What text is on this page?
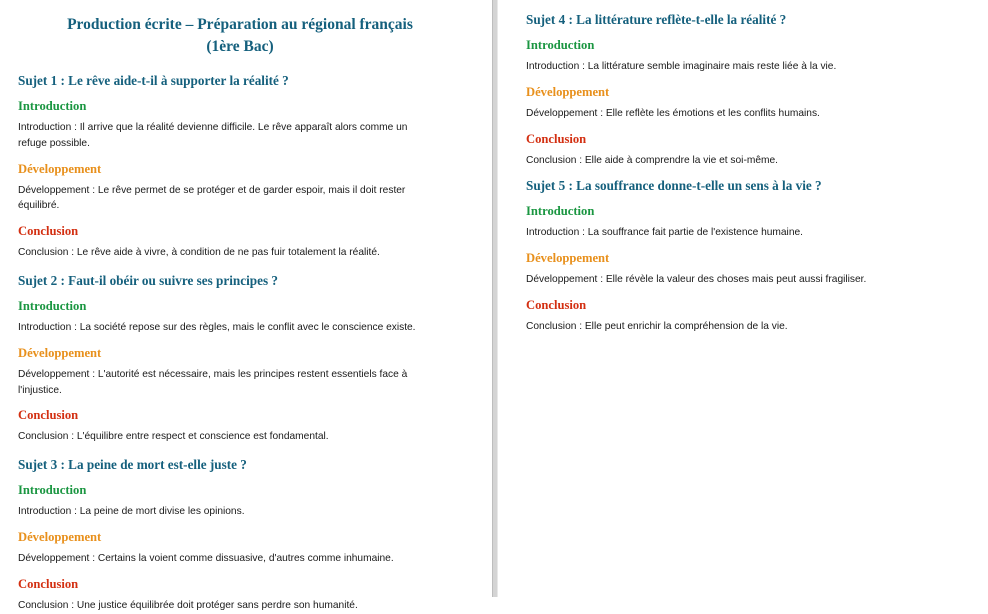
Production écrite – Préparation au régional français
(1ère Bac)
Sujet 1 : Le rêve aide-t-il à supporter la réalité ?
Introduction

Introduction : Il arrive que la réalité devienne difficile. Le rêve apparaît alors comme un refuge possible.

Développement

Développement : Le rêve permet de se protéger et de garder espoir, mais il doit rester équilibré.

Conclusion

Conclusion : Le rêve aide à vivre, à condition de ne pas fuir totalement la réalité.

Sujet 2 : Faut-il obéir ou suivre ses principes ?
Introduction

Introduction : La société repose sur des règles, mais le conflit avec le conscience existe.

Développement

Développement : L'autorité est nécessaire, mais les principes restent essentiels face à l'injustice.

Conclusion

Conclusion : L'équilibre entre respect et conscience est fondamental.

Sujet 3 : La peine de mort est-elle juste ?
Introduction

Introduction : La peine de mort divise les opinions.

Développement

Développement : Certains la voient comme dissuasive, d'autres comme inhumaine.

Conclusion

Conclusion : Une justice équilibrée doit protéger sans perdre son humanité.

Sujet 4 : La littérature reflète-t-elle la réalité ?
Introduction

Introduction : La littérature semble imaginaire mais reste liée à la vie.

Développement

Développement : Elle reflète les émotions et les conflits humains.

Conclusion

Conclusion : Elle aide à comprendre la vie et soi-même.

Sujet 5 : La souffrance donne-t-elle un sens à la vie ?
Introduction

Introduction : La souffrance fait partie de l'existence humaine.

Développement

Développement : Elle révèle la valeur des choses mais peut aussi fragiliser.

Conclusion

Conclusion : Elle peut enrichir la compréhension de la vie.
